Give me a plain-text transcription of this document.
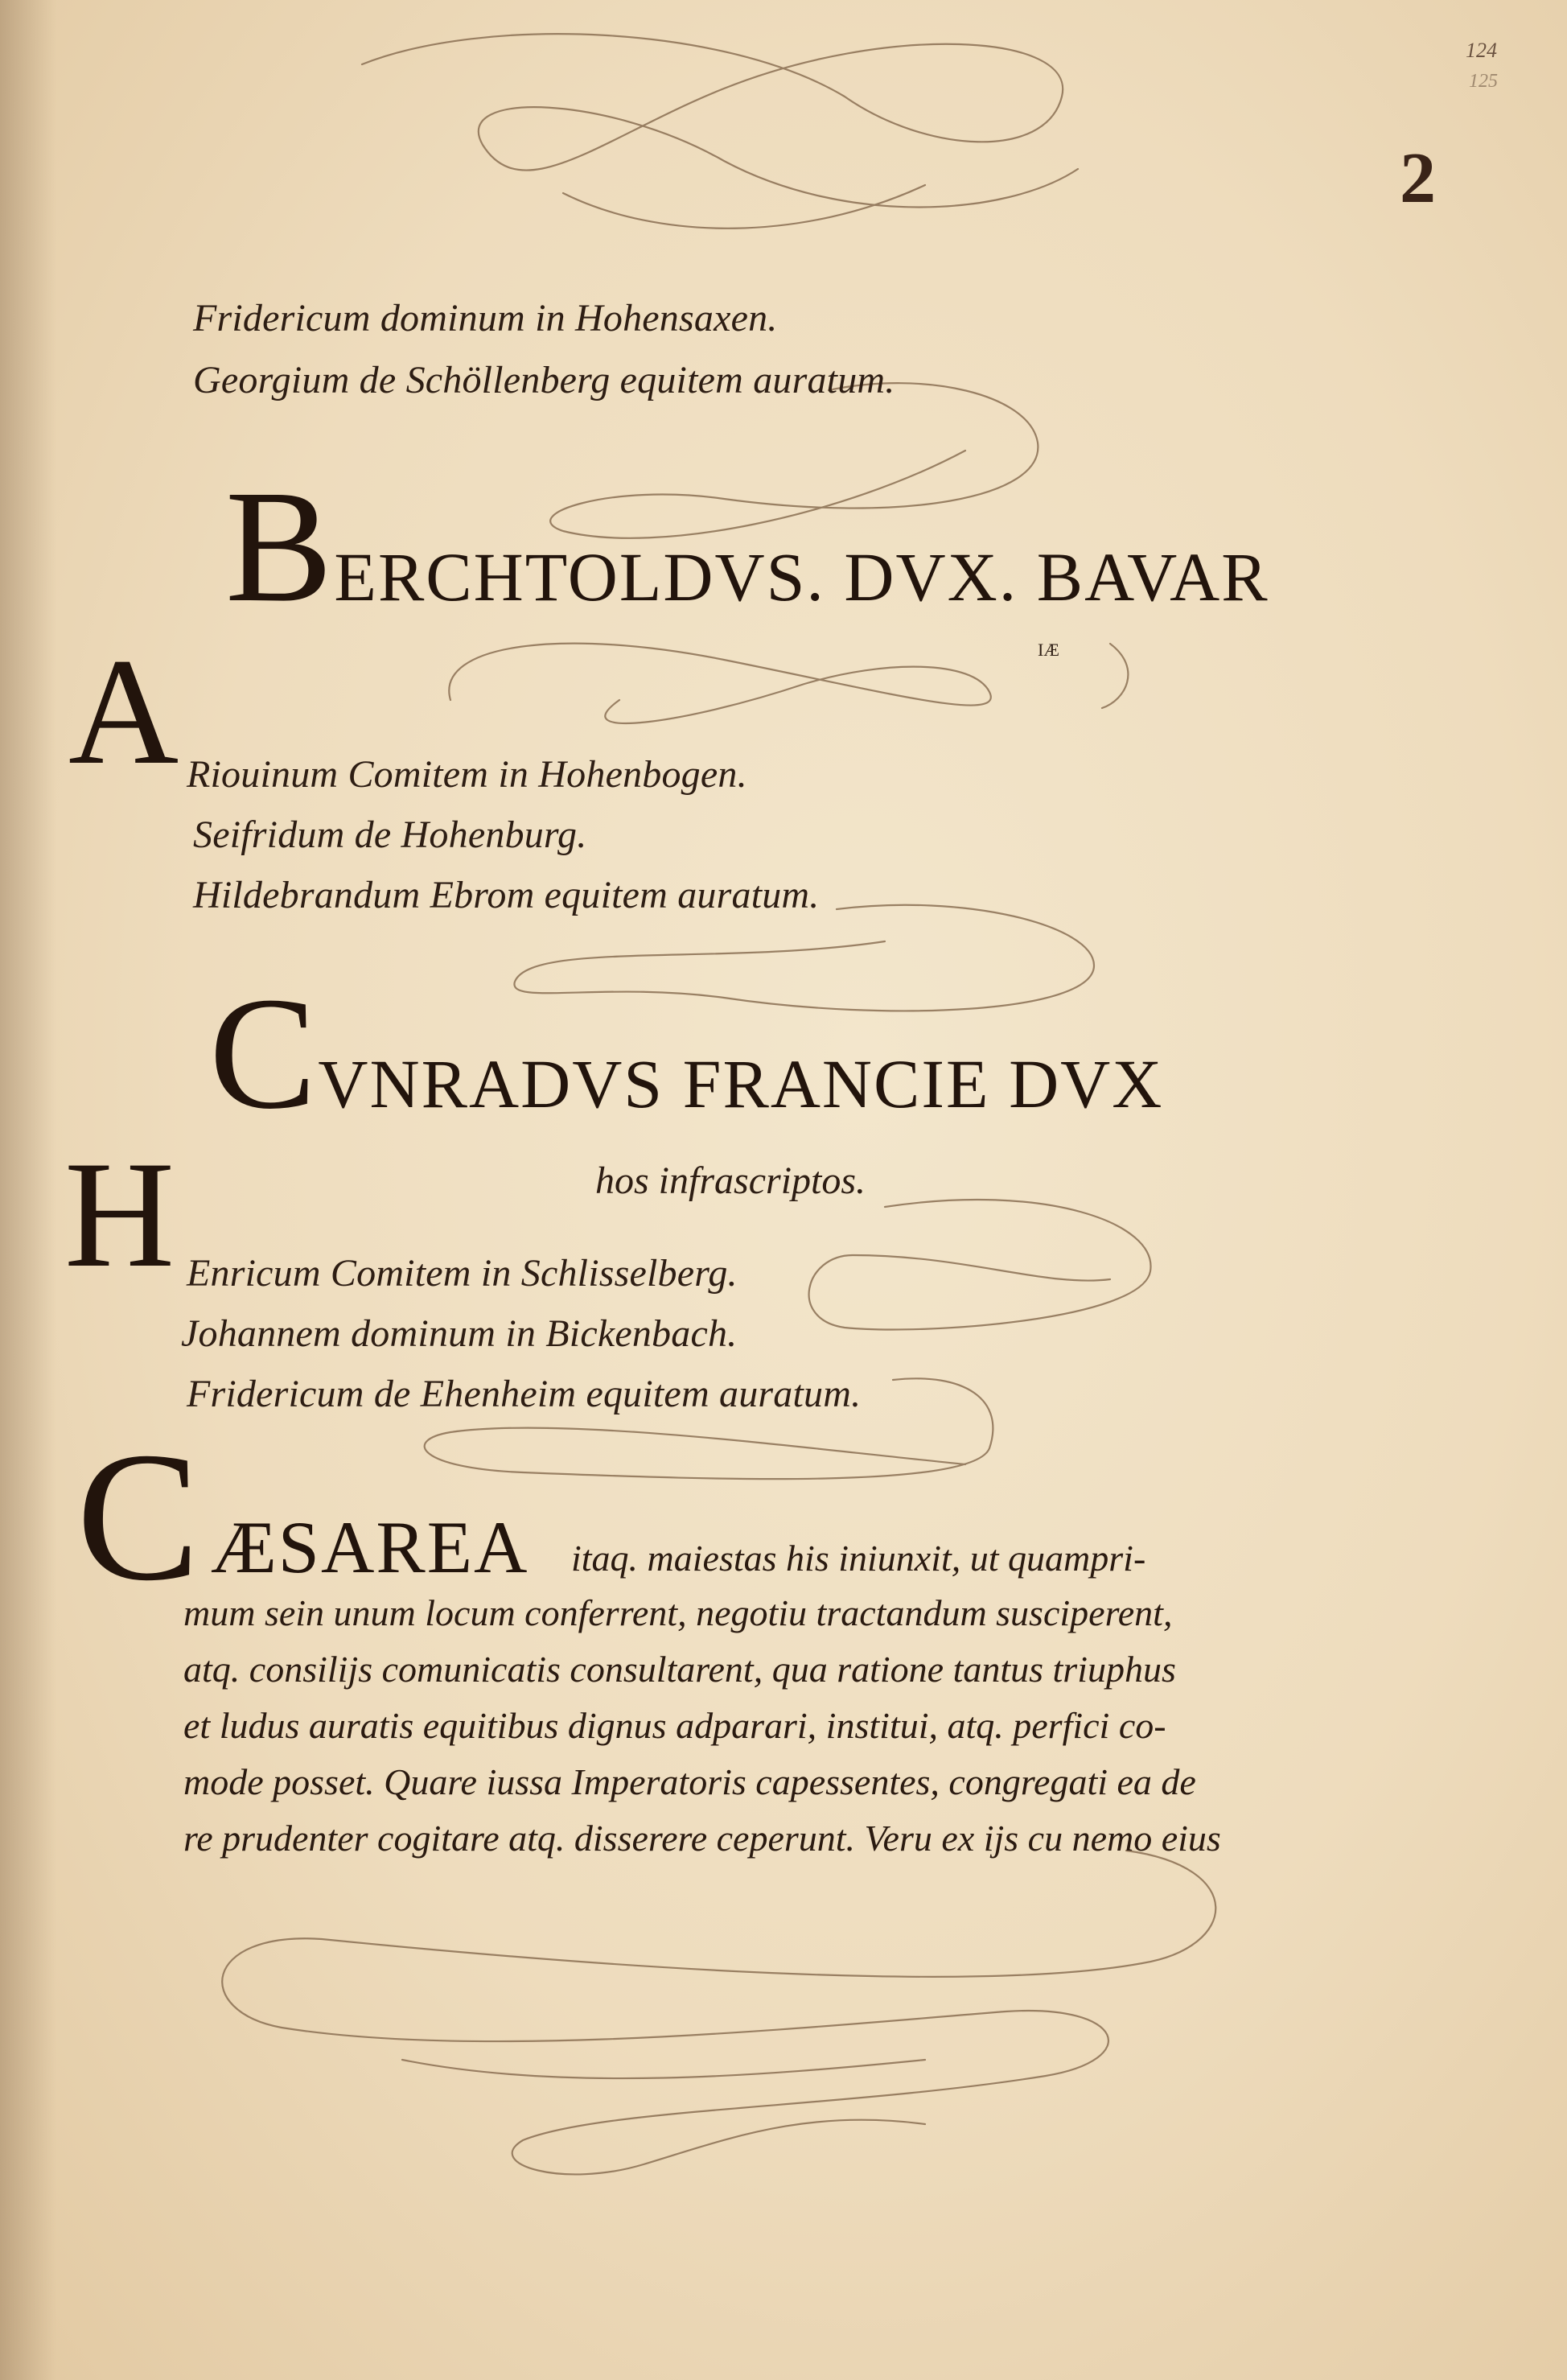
124
125
2
Fridericum dominum in Hohensaxen.
Georgium de Schöllenberg equitem auratum.
BERCHTOLDVS. DVX. BAVAR
IÆ
A Riouinum Comitem in Hohenbogen.
Seifridum de Hohenburg.
Hildebrandum Ebrom equitem auratum.
CVNRADVS FRANCIE DVX
hos infrascriptos.
H Enricum Comitem in Schlisselberg.
Johannem dominum in Bickenbach.
Fridericum de Ehenheim equitem auratum.
C ÆSAREA itaq. maiestas his iniunxit, ut quampri-
mum sein unum locum conferrent, negotiu tractandum susciperent,
atq. consilijs comunicatis consultarent, qua ratione tantus triuphus
et ludus auratis equitibus dignus adparari, institui, atq. perfici co-
mode posset. Quare iussa Imperatoris capessentes, congregati ea de
re prudenter cogitare atq. disserere ceperunt. Veru ex ijs cu nemo eius
